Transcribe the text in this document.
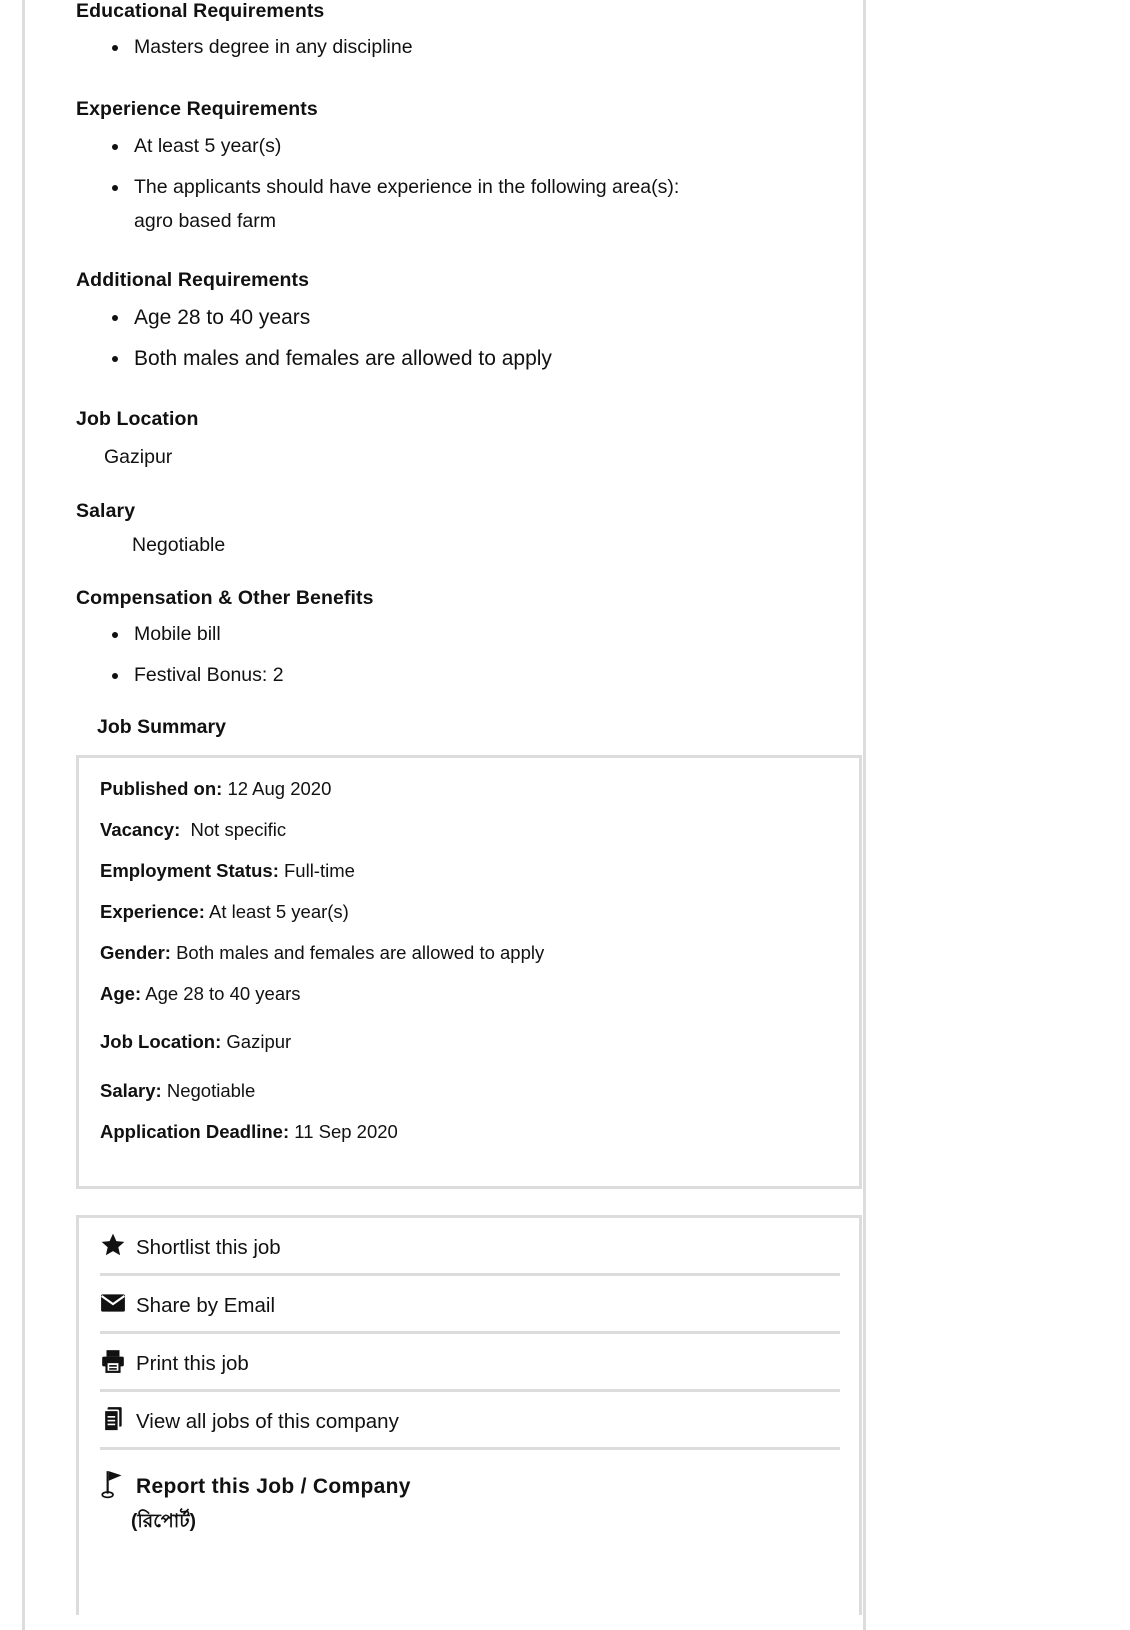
Educational Requirements
Masters degree in any discipline
Experience Requirements
At least 5 year(s)
The applicants should have experience in the following area(s):
agro based farm
Additional Requirements
Age 28 to 40 years
Both males and females are allowed to apply
Job Location
Gazipur
Salary
Negotiable
Compensation & Other Benefits
Mobile bill
Festival Bonus: 2
Job Summary
Published on: 12 Aug 2020
Vacancy: Not specific
Employment Status: Full-time
Experience: At least 5 year(s)
Gender: Both males and females are allowed to apply
Age: Age 28 to 40 years
Job Location: Gazipur
Salary: Negotiable
Application Deadline: 11 Sep 2020
Shortlist this job
Share by Email
Print this job
View all jobs of this company
Report this Job / Company
(রিপোর্ট)
